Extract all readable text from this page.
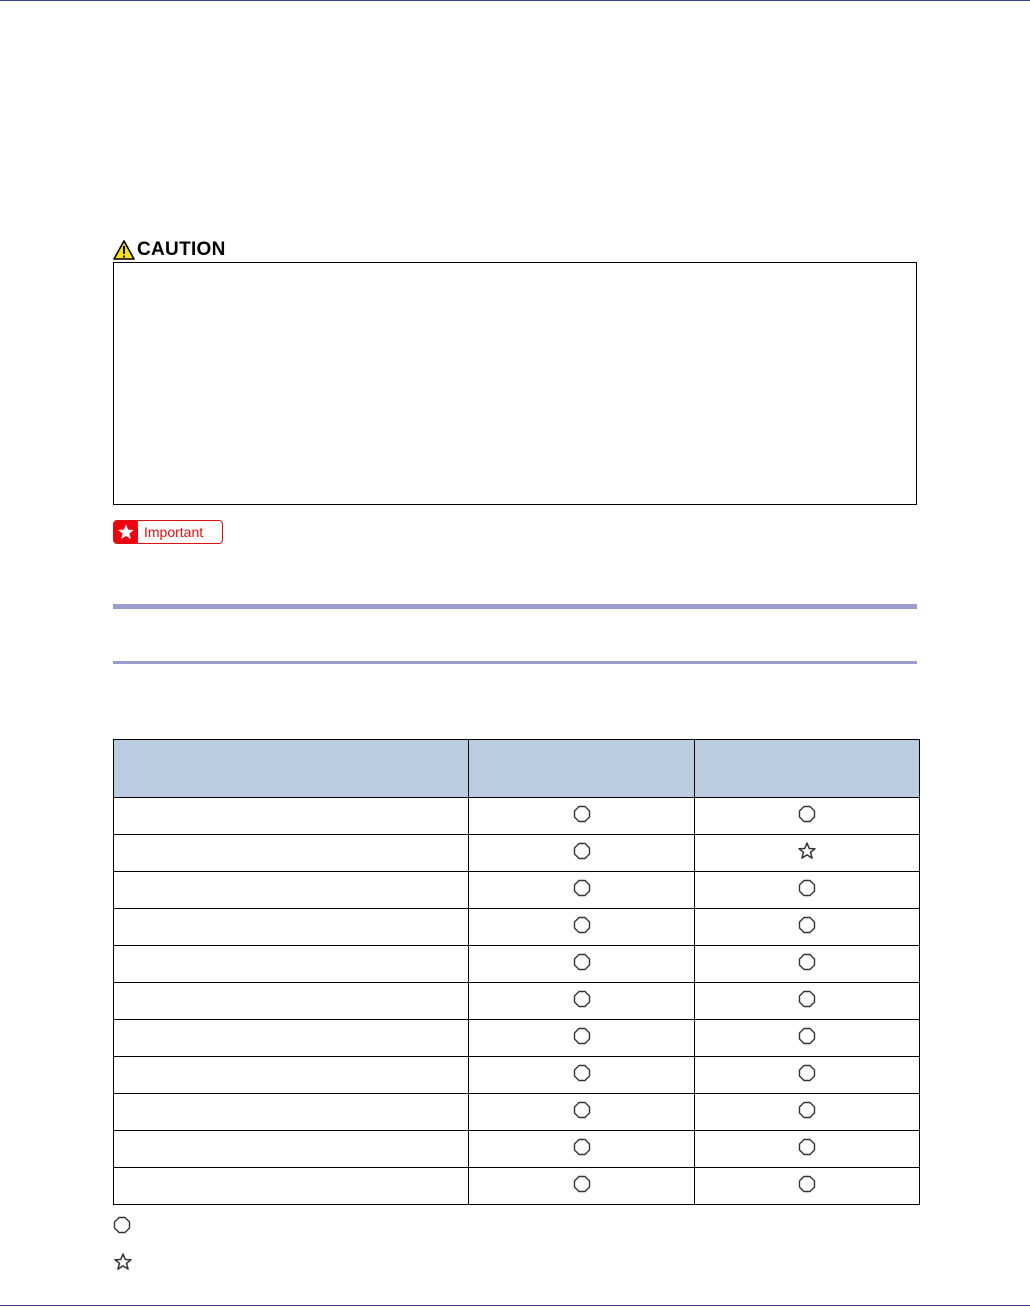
CAUTION
Important
